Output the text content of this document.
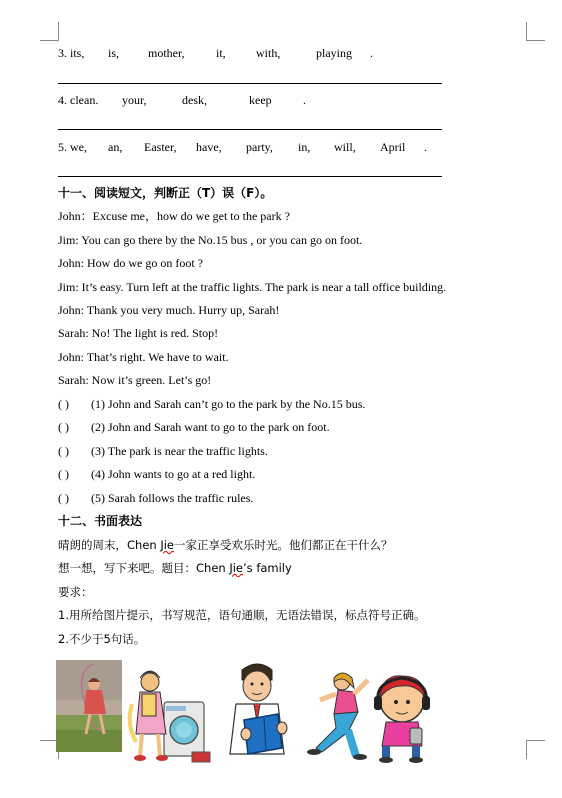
3. its, is, mother,	it,	with,	playing .
4. clean. your,	desk,	keep	.
5. we, an, Easter, have, party, in, will, April .
十一、阅读短文，判断正（T）误（F）。
John：Excuse me，how do we get to the park ?
Jim: You can go there by the No.15 bus , or you can go on foot.
John: How do we go on foot ?
Jim: It’s easy. Turn left at the traffic lights. The park is near a tall office building.
John: Thank you very much. Hurry up, Sarah!
Sarah: No! The light is red. Stop!
John: That’s right. We have to wait.
Sarah: Now it’s green. Let’s go!
( ) (1) John and Sarah can’t go to the park by the No.15 bus.
( ) (2) John and Sarah want to go to the park on foot.
( ) (3) The park is near the traffic lights.
( ) (4) John wants to go at a red light.
( ) (5) Sarah follows the traffic rules.
十二、书面表达
晴朗的周末，Chen Jie一家正享受欢乐时光。他们都正在干什么？
想一想，写下来吧。题目：Chen Jie’s family
要求：
1.用所给图片提示，书写规范，语句通顺，无语法错误，标点符号正确。
2.不少于5句话。
